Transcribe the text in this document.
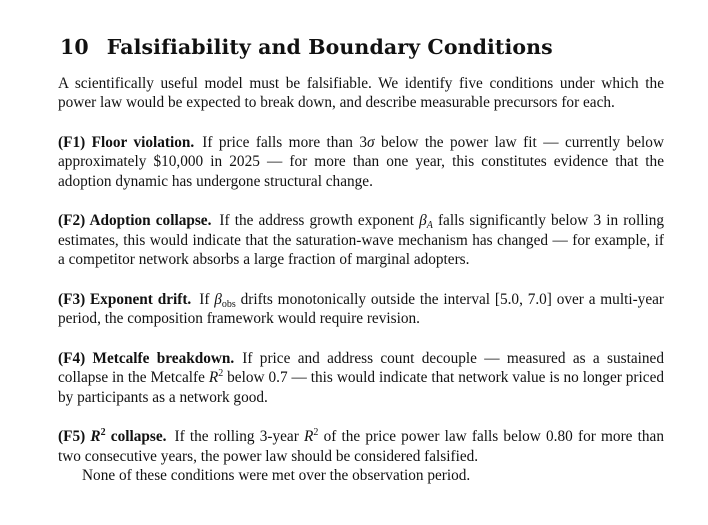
10 Falsifiability and Boundary Conditions

A scientifically useful model must be falsifiable. We identify five conditions under which the power law would be expected to break down, and describe measurable precursors for each.

(F1) Floor violation. If price falls more than 3σ below the power law fit — currently below approximately $10,000 in 2025 — for more than one year, this constitutes evidence that the adoption dynamic has undergone structural change.

(F2) Adoption collapse. If the address growth exponent $\beta_A$ falls significantly below 3 in rolling estimates, this would indicate that the saturation-wave mechanism has changed — for example, if a competitor network absorbs a large fraction of marginal adopters.

(F3) Exponent drift. If $\beta_{obs}$ drifts monotonically outside the interval [5.0, 7.0] over a multi-year period, the composition framework would require revision.

(F4) Metcalfe breakdown. If price and address count decouple — measured as a sustained collapse in the Metcalfe $R^2$ below 0.7 — this would indicate that network value is no longer priced by participants as a network good.

(F5) $R^2$ collapse. If the rolling 3-year $R^2$ of the price power law falls below 0.80 for more than two consecutive years, the power law should be considered falsified.

None of these conditions were met over the observation period.
